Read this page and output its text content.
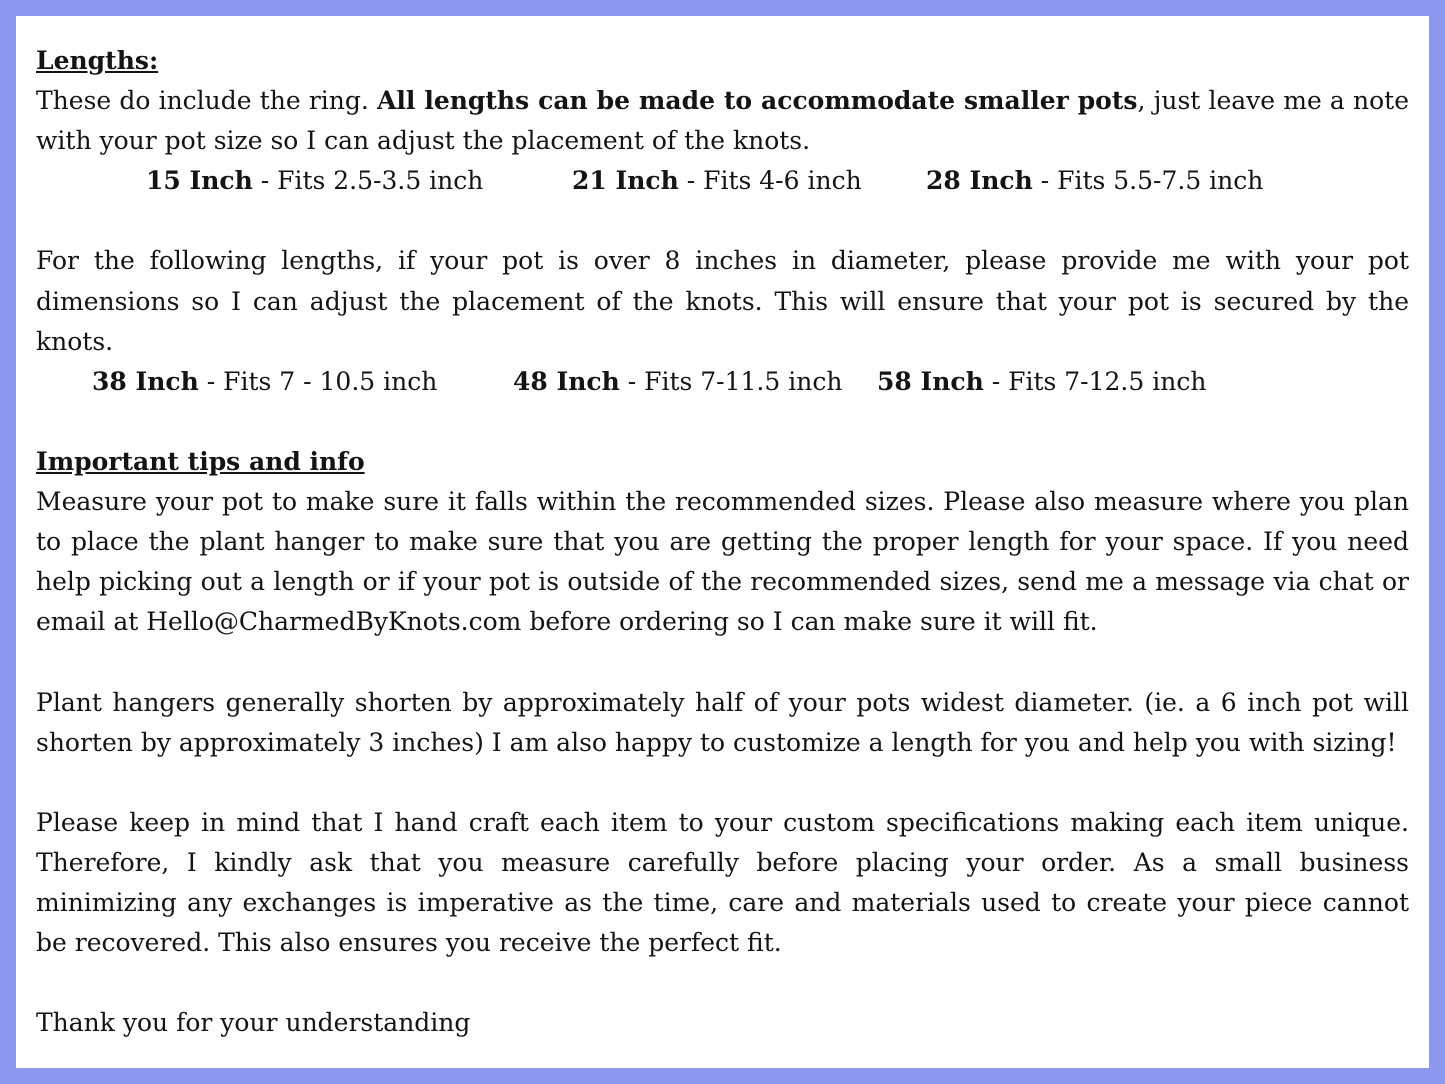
Lengths:
These do include the ring. All lengths can be made to accommodate smaller pots, just leave me a note with your pot size so I can adjust the placement of the knots.
15 Inch - Fits 2.5-3.5 inch	21 Inch - Fits 4-6 inch	28 Inch - Fits 5.5-7.5 inch
For the following lengths, if your pot is over 8 inches in diameter, please provide me with your pot dimensions so I can adjust the placement of the knots. This will ensure that your pot is secured by the knots.
38 Inch - Fits 7 - 10.5 inch	48 Inch - Fits 7-11.5 inch 58 Inch - Fits 7-12.5 inch
Important tips and info
Measure your pot to make sure it falls within the recommended sizes. Please also measure where you plan to place the plant hanger to make sure that you are getting the proper length for your space. If you need help picking out a length or if your pot is outside of the recommended sizes, send me a message via chat or email at Hello@CharmedByKnots.com before ordering so I can make sure it will fit.
Plant hangers generally shorten by approximately half of your pots widest diameter. (ie. a 6 inch pot will shorten by approximately 3 inches) I am also happy to customize a length for you and help you with sizing!
Please keep in mind that I hand craft each item to your custom specifications making each item unique. Therefore, I kindly ask that you measure carefully before placing your order. As a small business minimizing any exchanges is imperative as the time, care and materials used to create your piece cannot be recovered. This also ensures you receive the perfect fit.
Thank you for your understanding
